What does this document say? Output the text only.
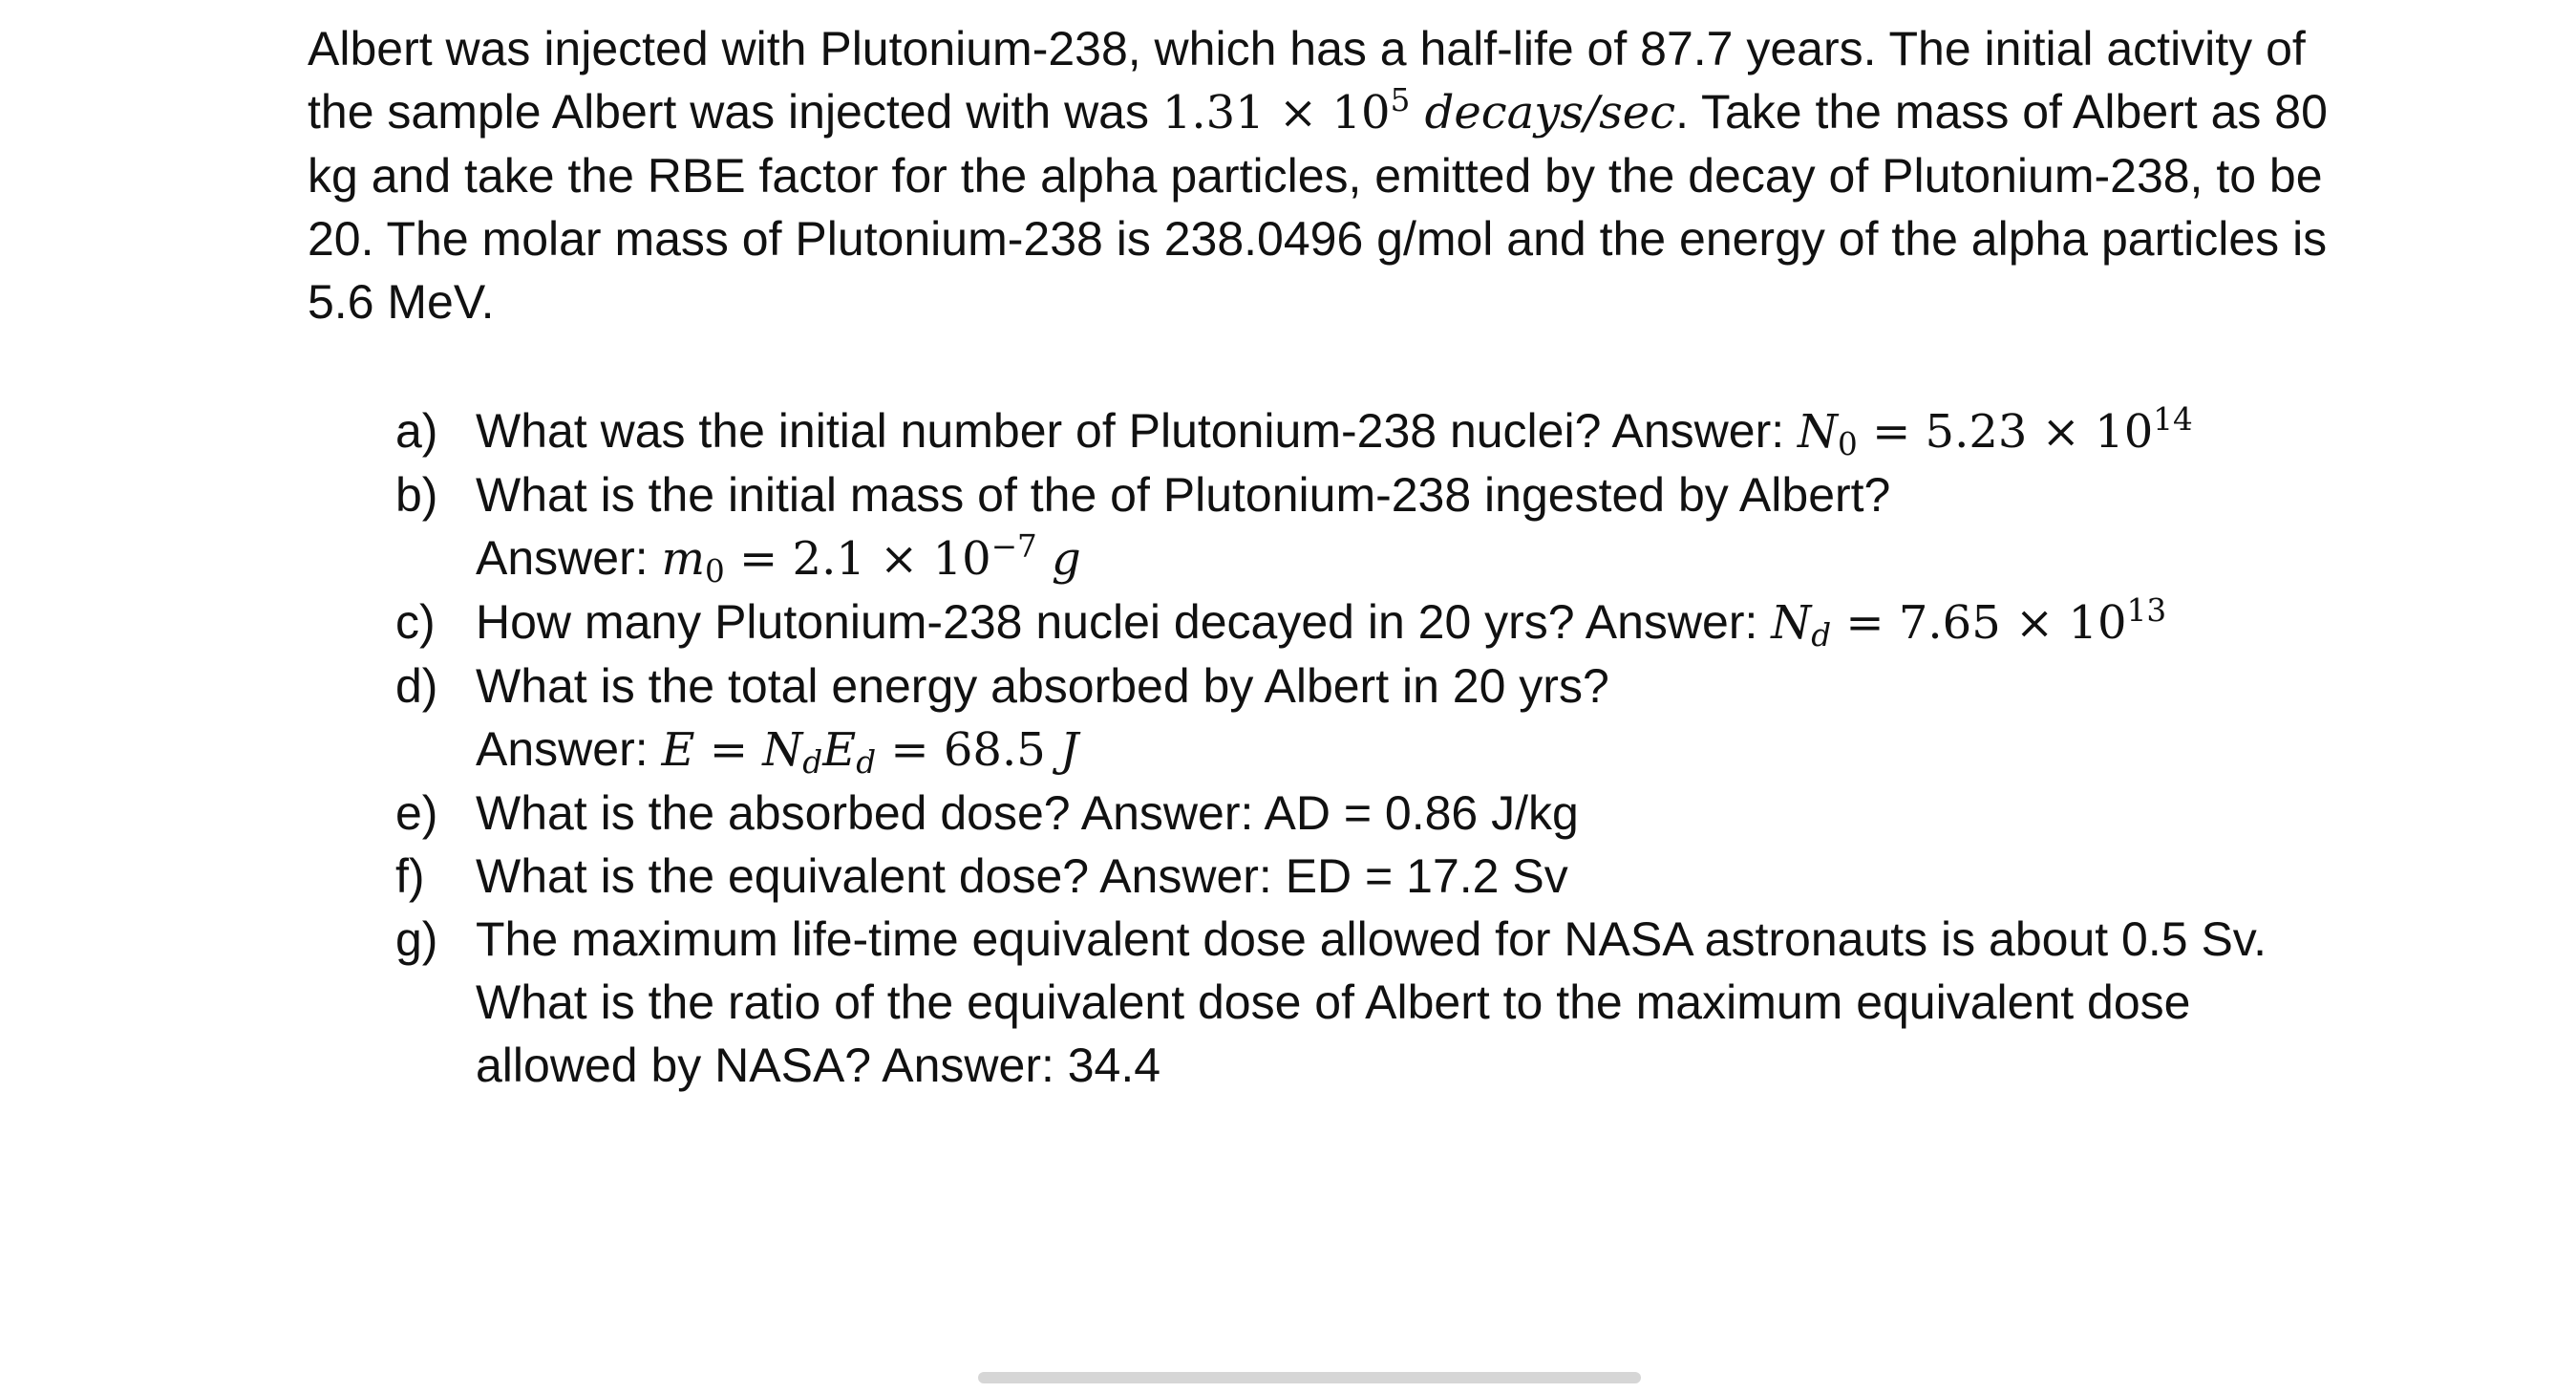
Albert was injected with Plutonium-238, which has a half-life of 87.7 years. The initial activity of the sample Albert was injected with was $1.31 \times 10^5$ decays/sec. Take the mass of Albert as 80 kg and take the RBE factor for the alpha particles, emitted by the decay of Plutonium-238, to be 20. The molar mass of Plutonium-238 is 238.0496 g/mol and the energy of the alpha particles is 5.6 MeV.

a) What was the initial number of Plutonium-238 nuclei? Answer: $N_0 = 5.23 \times 10^{14}$
b) What is the initial mass of the of Plutonium-238 ingested by Albert?
Answer: $m_0 = 2.1 \times 10^{-7}$ g
c) How many Plutonium-238 nuclei decayed in 20 yrs? Answer: $N_d = 7.65 \times 10^{13}$
d) What is the total energy absorbed by Albert in 20 yrs?
Answer: $E = N_dE_d = 68.5$ J
e) What is the absorbed dose? Answer: AD = 0.86 J/kg
f)	What is the equivalent dose? Answer: ED = 17.2 Sv
g) The maximum life-time equivalent dose allowed for NASA astronauts is about 0.5 Sv. What is the ratio of the equivalent dose of Albert to the maximum equivalent dose allowed by NASA? Answer: 34.4
